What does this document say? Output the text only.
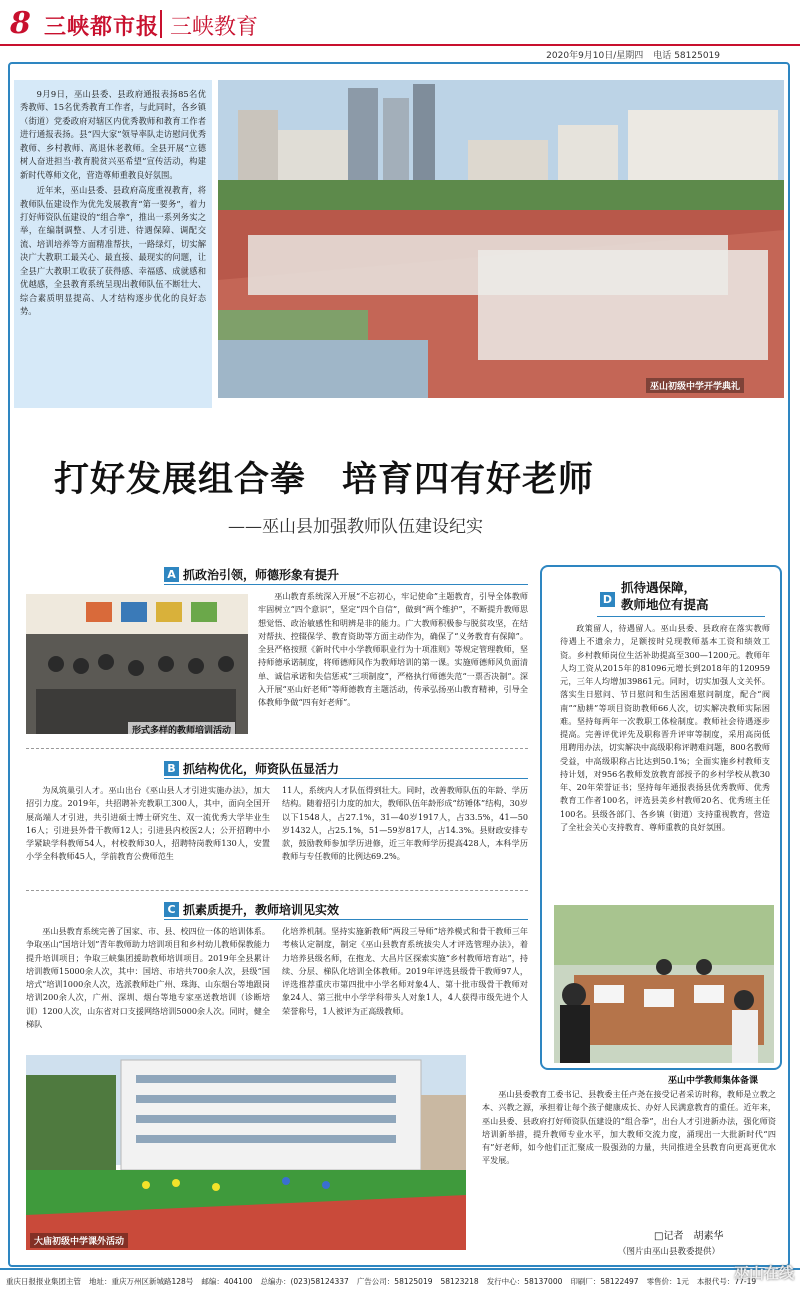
8 三峡都市报 三峡教育
2020年9月10日/星期四 电话 58125019

9月9日，巫山县委、县政府通报表扬85名优秀教师、15名优秀教育工作者，与此同时，各乡镇（街道）党委政府对辖区内优秀教师和教育工作者进行通报表扬。县“四大家”领导率队走访慰问优秀教师、乡村教师、离退休老教师。全县开展“立德树人奋进担当·教育脱贫兴巫希望”宣传活动，构建新时代尊师文化，营造尊师重教良好氛围。

近年来，巫山县委、县政府高度重视教育，将教师队伍建设作为优先发展教育“第一要务”，着力打好师资队伍建设的“组合拳”，推出一系列务实之举，在编制调整、人才引进、待遇保障、调配交流、培训培养等方面精准帮扶，一路绿灯，切实解决广大教职工最关心、最直接、最现实的问题，让全县广大教职工收获了获得感、幸福感、成就感和优越感，全县教育系统呈现出教师队伍不断壮大、综合素质明显提高、人才结构逐步优化的良好态势。

巫山初级中学开学典礼
打好发展组合拳　培育四有好老师
——巫山县加强教师队伍建设纪实
A 抓政治引领，师德形象有提升
形式多样的教师培训活动
巫山教育系统深入开展“不忘初心，牢记使命”主题教育，引导全体教师牢固树立“四个意识”，坚定“四个自信”，做到“两个维护”，不断提升教师思想觉悟、政治敏感性和明辨是非的能力。广大教师积极参与脱贫攻坚，在结对帮扶、控辍保学、教育资助等方面主动作为，确保了“义务教育有保障”。全县严格按照《新时代中小学教师职业行为十项准则》等规定管理教师，坚持师德承诺制度，将师德师风作为教师培训的第一课。实施师德师风负面清单、诚信承诺和失信惩戒“三项制度”，严格执行师德失范“一票否决制”。深入开展“巫山好老师”等师德教育主题活动，传承弘扬巫山教育精神，引导全体教师争做“四有好老师”。
B 抓结构优化，师资队伍显活力
为凤筑巢引人才。巫山出台《巫山县人才引进实施办法》，加大招引力度。2019年，共招聘补充教职工300人，其中，面向全国开展高端人才引进，共引进硕士博士研究生、双一流优秀大学毕业生16人；引进县外骨干教师12人；引进县内校医2人；公开招聘中小学紧缺学科教师54人，村校教师30人，招聘特岗教师130人，安置小学全科教师45人，学前教育公费师范生
11人，系统内人才队伍得到壮大。同时，改善教师队伍的年龄、学历结构。随着招引力度的加大，教师队伍年龄形成“纺锤体”结构，30岁以下1548人，占27.1%，31—40岁1917人，占33.5%，41—50岁1432人，占25.1%，51—59岁817人，占14.3%。县财政安排专款，鼓励教师参加学历进修，近三年教师学历提高428人，本科学历教师与专任教师的比例达69.2%。
C 抓素质提升，教师培训见实效
巫山县教育系统完善了国家、市、县、校四位一体的培训体系。争取巫山“国培计划”青年教师助力培训项目和乡村幼儿教师保教能力提升培训项目；争取三峡集团援助教师培训项目。2019年全县累计培训教师15000余人次，其中：国培、市培共700余人次，县级“国培式”培训1000余人次，选派教师赴广州、珠海、山东烟台等地跟岗培训200余人次，广州、深圳、烟台等地专家巫送教培训（诊断培训）1200人次，山东省对口支援网络培训5000余人次。同时，健全梯队
化培养机制。坚持实施新教师“两段三导师”培养模式和骨干教师三年考核认定制度，制定《巫山县教育系统拔尖人才评选管理办法》，着力培养县级名师，在抱龙、大昌片区探索实施“乡村教师培育站”，持续、分层、梯队化培训全体教师。2019年评选县级骨干教师97人，评选推荐重庆市第四批中小学名师对象4人、第十批市级骨干教师对象24人、第三批中小学学科带头人对象1人，4人获得市级先进个人荣誉称号，1人被评为正高级教师。
大庙初级中学课外活动
D
抓待遇保障，
教师地位有提高
政策留人，待遇留人。巫山县委、县政府在落实教师待遇上不遗余力，足额按时兑现教师基本工资和绩效工资。乡村教师岗位生活补助提高至300—1200元。教师年人均工资从2015年的81096元增长到2018年的120959元，三年人均增加39861元。同时，切实加强人文关怀。落实生日慰问、节日慰问和生活困难慰问制度，配合“阀南”“励耕”等项目资助教师66人次，切实解决教师实际困难。坚持每两年一次教职工体检制度。教师社会待遇逐步提高。完善评优评先及职称晋升评审等制度，采用高岗低用聘用办法，切实解决中高级职称评聘难问题，800名教师受益，中高级职称占比达到50.1%；全面实施乡村教师支持计划，对956名教师发放教育部授予的乡村学校从教30年、20年荣誉证书；坚持每年通报表扬县优秀教师、优秀教育工作者100名，评选县美乡村教师20名、优秀班主任100名。县级各部门、各乡镇（街道）支持重视教育，营造了全社会关心支持教育、尊师重教的良好氛围。
巫山中学教师集体备课
巫山县委教育工委书记、县教委主任卢尧在接受记者采访时称，教师是立教之本、兴教之源，承担着让每个孩子健康成长、办好人民满意教育的重任。近年来，巫山县委、县政府打好师资队伍建设的“组合拳”，出台人才引进新办法，强化师资培训新举措，提升教师专业水平，加大教师交流力度，涌现出一大批新时代“四有”好老师，如今他们正汇聚成一股强劲的力量，共同推进全县教育向更高更优水平发展。
□记者　胡素华
（图片由巫山县教委提供）
重庆日报报业集团主管 地址：重庆万州区新城路128号 邮编：404100 总编办：(023)58124337 广告公司：58125019 58123218 发行中心：58137000 印刷厂：58122497 零售价：1元 本报代号：77-19
巫山在线
